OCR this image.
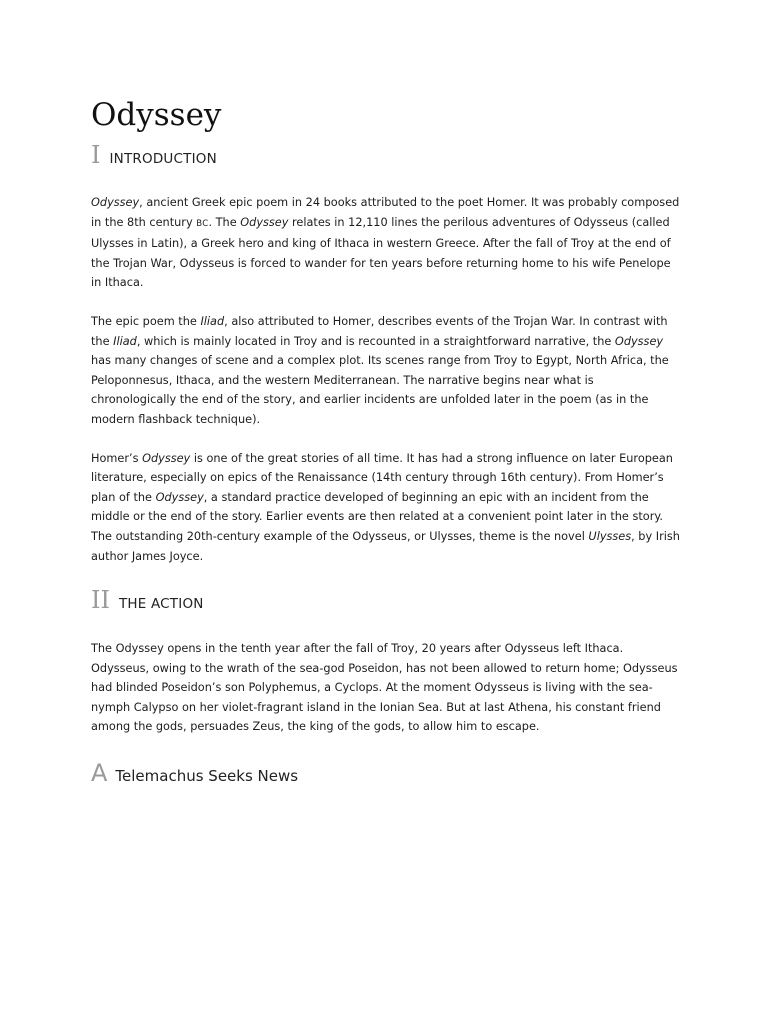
Odyssey
I INTRODUCTION

Odyssey, ancient Greek epic poem in 24 books attributed to the poet Homer. It was probably composed in the 8th century BC. The Odyssey relates in 12,110 lines the perilous adventures of Odysseus (called Ulysses in Latin), a Greek hero and king of Ithaca in western Greece. After the fall of Troy at the end of the Trojan War, Odysseus is forced to wander for ten years before returning home to his wife Penelope in Ithaca.

The epic poem the Iliad, also attributed to Homer, describes events of the Trojan War. In contrast with the Iliad, which is mainly located in Troy and is recounted in a straightforward narrative, the Odyssey has many changes of scene and a complex plot. Its scenes range from Troy to Egypt, North Africa, the Peloponnesus, Ithaca, and the western Mediterranean. The narrative begins near what is chronologically the end of the story, and earlier incidents are unfolded later in the poem (as in the modern flashback technique).

Homer’s Odyssey is one of the great stories of all time. It has had a strong influence on later European literature, especially on epics of the Renaissance (14th century through 16th century). From Homer’s plan of the Odyssey, a standard practice developed of beginning an epic with an incident from the middle or the end of the story. Earlier events are then related at a convenient point later in the story. The outstanding 20th-century example of the Odysseus, or Ulysses, theme is the novel Ulysses, by Irish author James Joyce.

II THE ACTION

The Odyssey opens in the tenth year after the fall of Troy, 20 years after Odysseus left Ithaca. Odysseus, owing to the wrath of the sea-god Poseidon, has not been allowed to return home; Odysseus had blinded Poseidon’s son Polyphemus, a Cyclops. At the moment Odysseus is living with the sea-nymph Calypso on her violet-fragrant island in the Ionian Sea. But at last Athena, his constant friend among the gods, persuades Zeus, the king of the gods, to allow him to escape.

A Telemachus Seeks News
